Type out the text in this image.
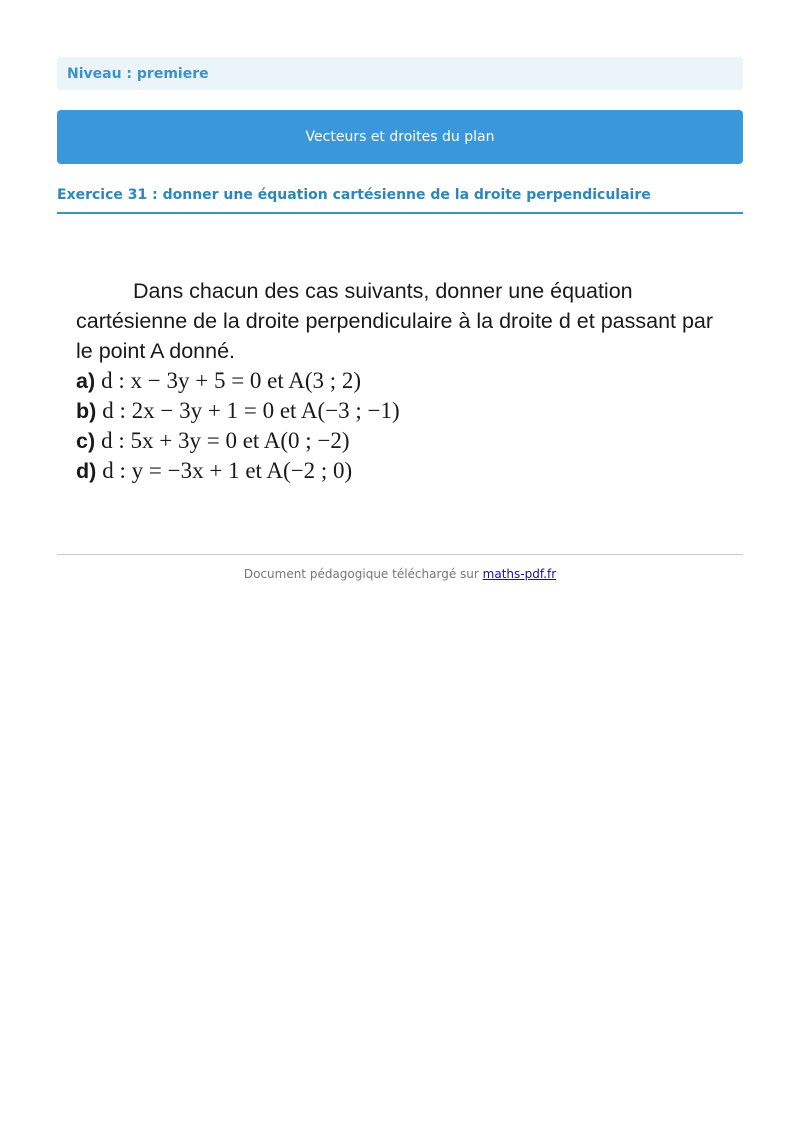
Niveau :
premiere
Vecteurs et droites du plan
Exercice 31 : donner une équation cartésienne de la droite perpendiculaire

Dans chacun des cas suivants, donner une équation cartésienne de la droite perpendiculaire à la droite d et passant par le point A donné.

a) d : x − 3y + 5 = 0 et A(3 ; 2)

b) d : 2x − 3y + 1 = 0 et A(−3 ; −1)

c) d : 5x + 3y = 0 et A(0 ; −2)

d) d : y = −3x + 1 et A(−2 ; 0)

Document pédagogique téléchargé sur maths-pdf.fr
